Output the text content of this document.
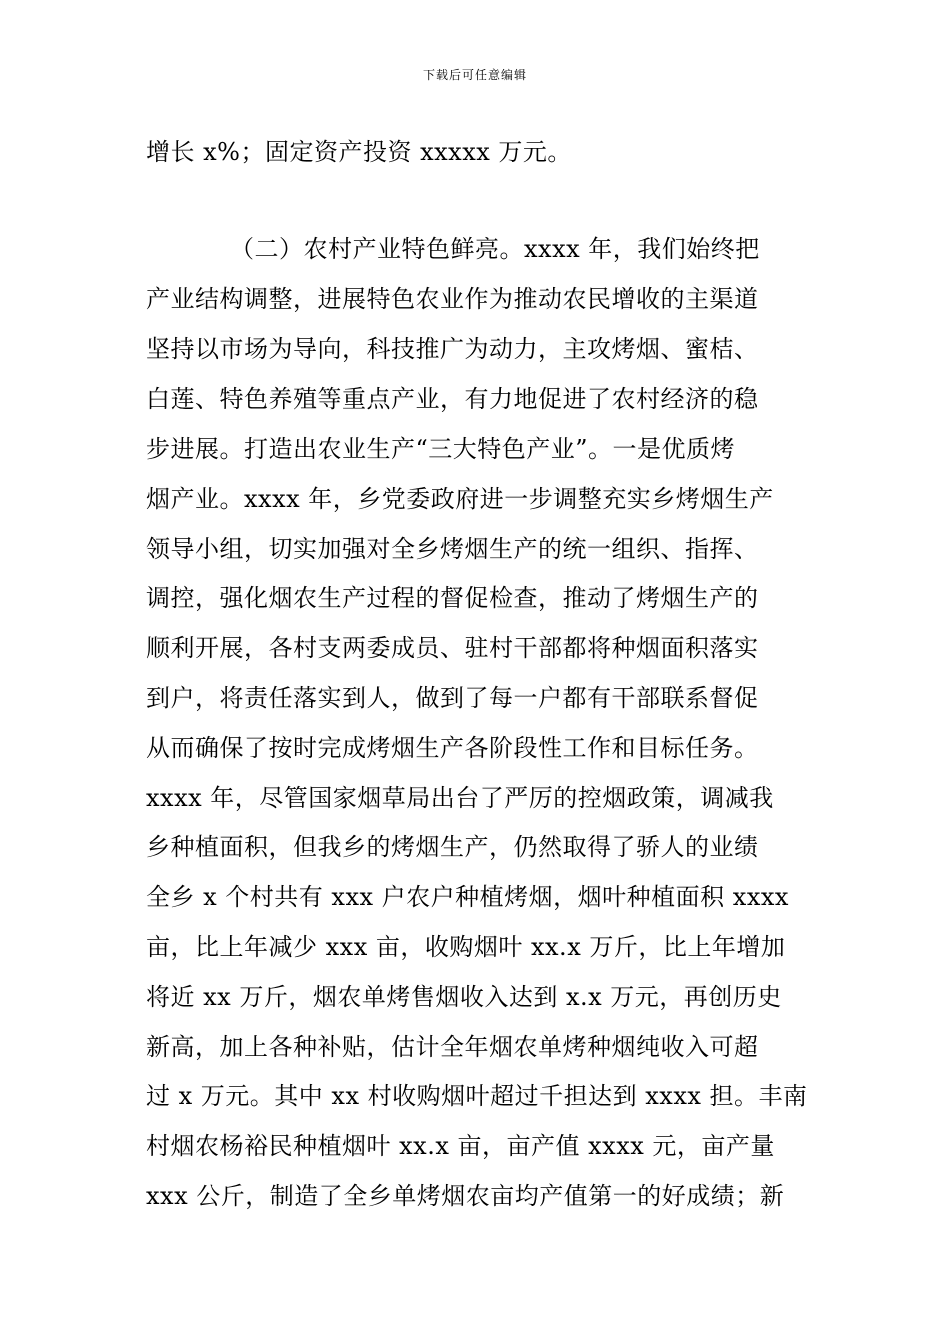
下载后可任意编辑
增长 x%；固定资产投资 xxxxx 万元。
（二）农村产业特色鲜亮。xxxx 年，我们始终把
产业结构调整，进展特色农业作为推动农民增收的主渠道
坚持以市场为导向，科技推广为动力，主攻烤烟、蜜桔、
白莲、特色养殖等重点产业，有力地促进了农村经济的稳
步进展。打造出农业生产“三大特色产业”。一是优质烤
烟产业。xxxx 年，乡党委政府进一步调整充实乡烤烟生产
领导小组，切实加强对全乡烤烟生产的统一组织、指挥、
调控，强化烟农生产过程的督促检查，推动了烤烟生产的
顺利开展，各村支两委成员、驻村干部都将种烟面积落实
到户，将责任落实到人，做到了每一户都有干部联系督促
从而确保了按时完成烤烟生产各阶段性工作和目标任务。
xxxx 年，尽管国家烟草局出台了严厉的控烟政策，调减我
乡种植面积，但我乡的烤烟生产，仍然取得了骄人的业绩
全乡 x 个村共有 xxx 户农户种植烤烟，烟叶种植面积 xxxx
亩，比上年减少 xxx 亩，收购烟叶 xx.x 万斤，比上年增加
将近 xx 万斤，烟农单烤售烟收入达到 x.x 万元，再创历史
新高，加上各种补贴，估计全年烟农单烤种烟纯收入可超
过 x 万元。其中 xx 村收购烟叶超过千担达到 xxxx 担。丰南
村烟农杨裕民种植烟叶 xx.x 亩，亩产值 xxxx 元，亩产量
xxx 公斤，制造了全乡单烤烟农亩均产值第一的好成绩；新
